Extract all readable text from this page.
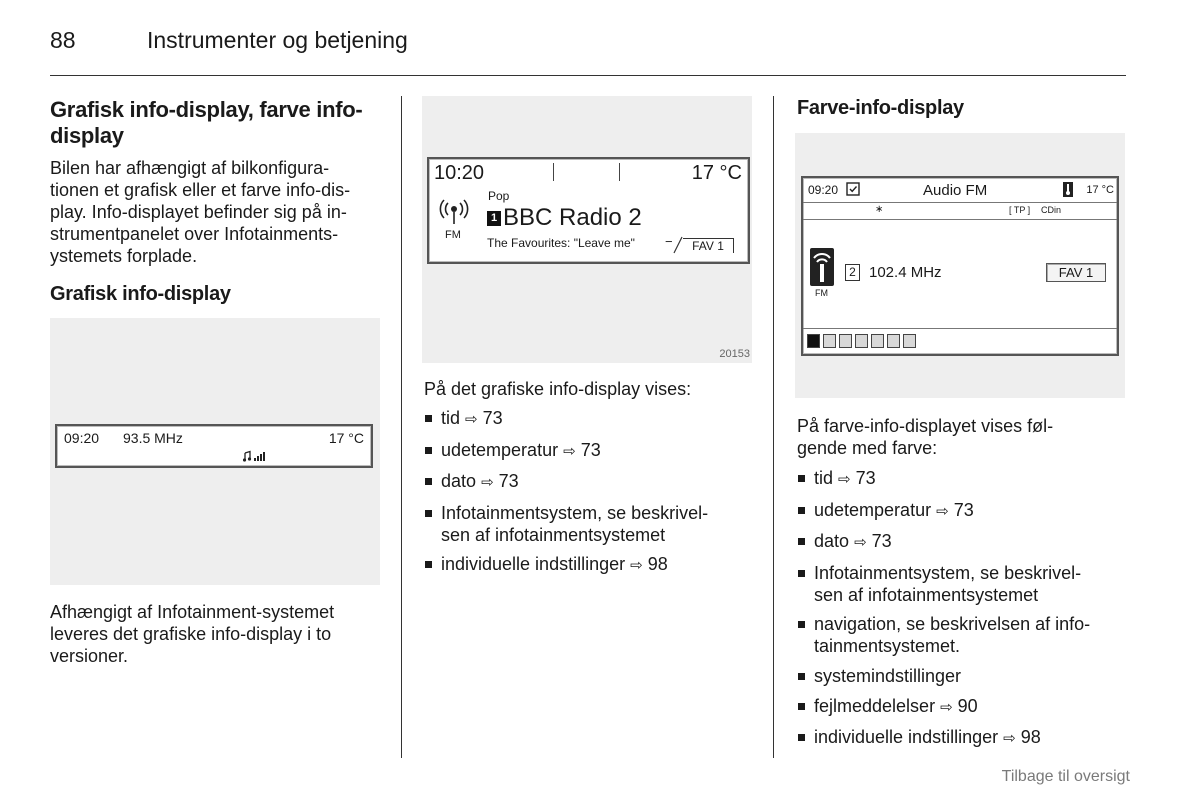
88	Instrumenter og betjening
Grafisk info-display, farve info-
display
Bilen har afhængigt af bilkonfigura-
tionen et grafisk eller et farve info-dis-
play. Info-displayet befinder sig på in-
strumentpanelet over Infotainments-
ystemets forplade.
Grafisk info-display
09:20 93.5 MHz	17 °C
Afhængigt af Infotainment-systemet
leveres det grafiske info-display i to
versioner.
10:20	17 °C
Pop
FM
1 BBC Radio 2
The Favourites: "Leave me" −	FAV 1
20153
På det grafiske info-display vises:
tid ⇨ 73
udetemperatur ⇨ 73
dato ⇨ 73
Infotainmentsystem, se beskrivel-
sen af infotainmentsystemet
individuelle indstillinger ⇨ 98
Farve-info-display
09:20	Audio FM	17 °C
∗	[ TP ] CDin
FM
2 102.4 MHz	FAV 1
På farve-info-displayet vises føl-
gende med farve:
tid ⇨ 73
udetemperatur ⇨ 73
dato ⇨ 73
Infotainmentsystem, se beskrivel-
sen af infotainmentsystemet
navigation, se beskrivelsen af info-
tainmentsystemet.
systemindstillinger
fejlmeddelelser ⇨ 90
individuelle indstillinger ⇨ 98
Tilbage til oversigt
